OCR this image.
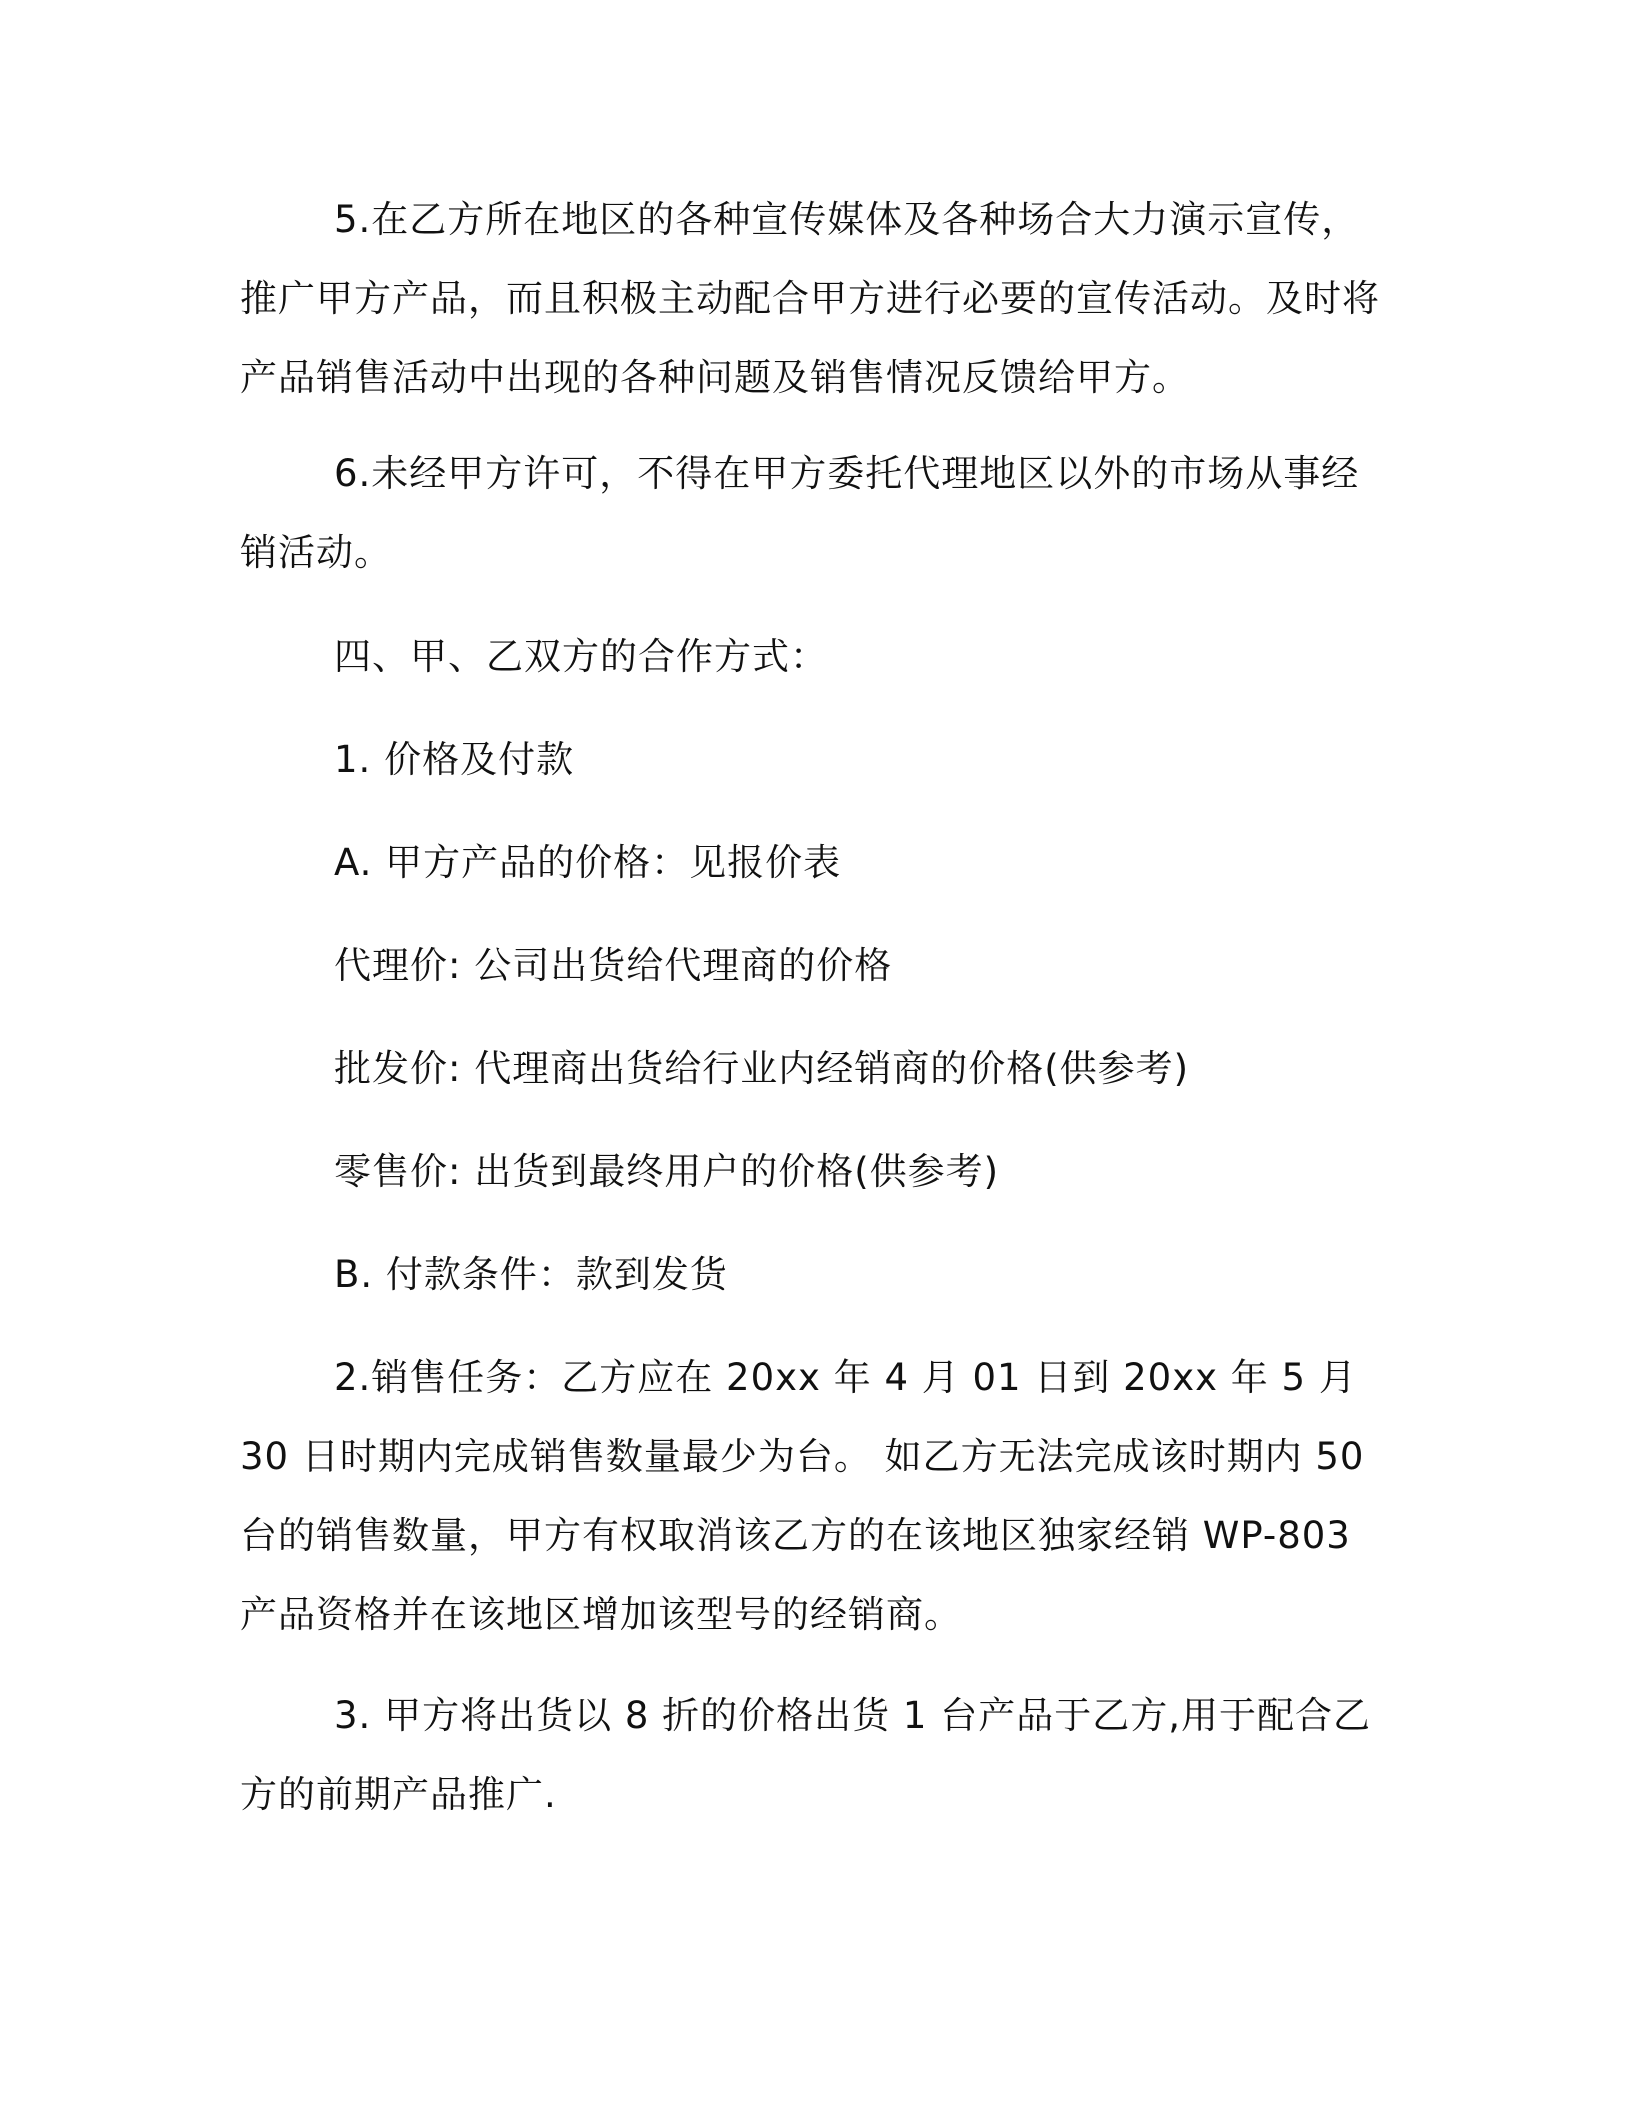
5.在乙方所在地区的各种宣传媒体及各种场合大力演示宣传，推广甲方产品，而且积极主动配合甲方进行必要的宣传活动。及时将产品销售活动中出现的各种问题及销售情况反馈给甲方。

6.未经甲方许可，不得在甲方委托代理地区以外的市场从事经销活动。

四、甲、乙双方的合作方式：

1. 价格及付款

A. 甲方产品的价格：见报价表

代理价: 公司出货给代理商的价格

批发价: 代理商出货给行业内经销商的价格(供参考)

零售价: 出货到最终用户的价格(供参考)

B. 付款条件：款到发货

2.销售任务：乙方应在 20xx 年 4 月 01 日到 20xx 年 5 月 30 日时期内完成销售数量最少为台。 如乙方无法完成该时期内 50 台的销售数量，甲方有权取消该乙方的在该地区独家经销 WP-803 产品资格并在该地区增加该型号的经销商。

3. 甲方将出货以 8 折的价格出货 1 台产品于乙方,用于配合乙方的前期产品推广.
